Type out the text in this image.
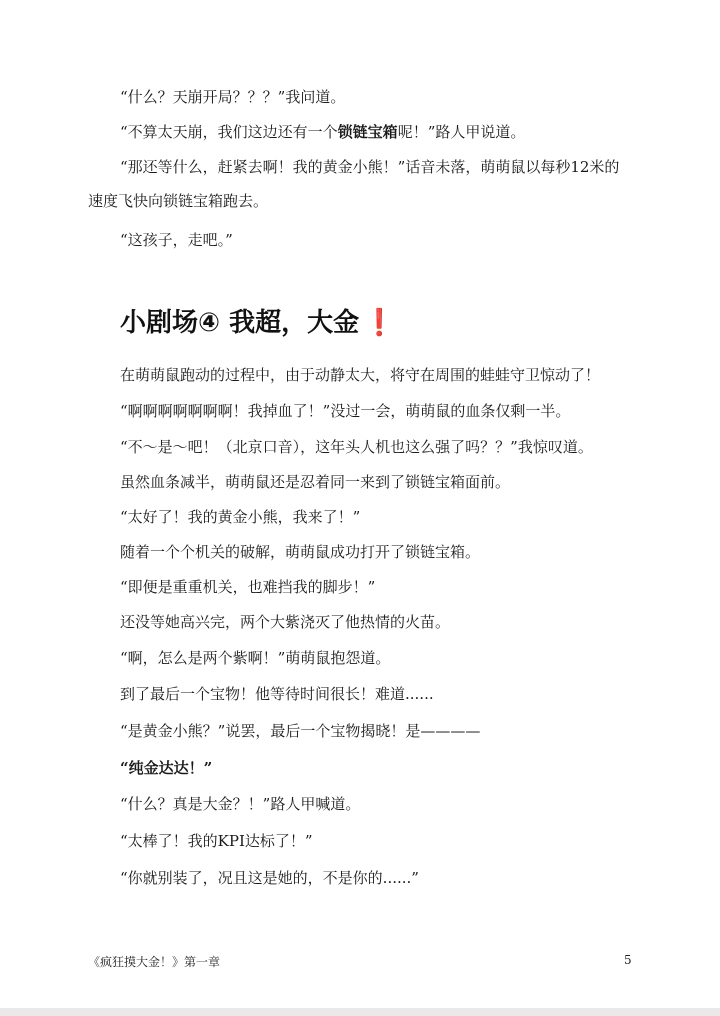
“什么？天崩开局？？？”我问道。
“不算太天崩，我们这边还有一个锁链宝箱呢！”路人甲说道。
“那还等什么，赶紧去啊！我的黄金小熊！”话音未落，萌萌鼠以每秒12米的速度飞快向锁链宝箱跑去。
“这孩子，走吧。”
小剧场④ 我超，大金 ❗
在萌萌鼠跑动的过程中，由于动静太大，将守在周围的蛙蛙守卫惊动了！
“啊啊啊啊啊啊啊！我掉血了！”没过一会，萌萌鼠的血条仅剩一半。
“不～是～吧！（北京口音），这年头人机也这么强了吗？？”我惊叹道。
虽然血条减半，萌萌鼠还是忍着同一来到了锁链宝箱面前。
“太好了！我的黄金小熊，我来了！”
随着一个个机关的破解，萌萌鼠成功打开了锁链宝箱。
“即便是重重机关，也难挡我的脚步！”
还没等她高兴完，两个大紫浇灭了他热情的火苗。
“啊，怎么是两个紫啊！”萌萌鼠抱怨道。
到了最后一个宝物！他等待时间很长！难道......
“是黄金小熊？”说罢，最后一个宝物揭晓！是————
“纯金达达！”
“什么？真是大金？！”路人甲喊道。
“太棒了！我的KPI达标了！”
“你就别装了，况且这是她的，不是你的......”
《疯狂摸大金！》第一章	5
